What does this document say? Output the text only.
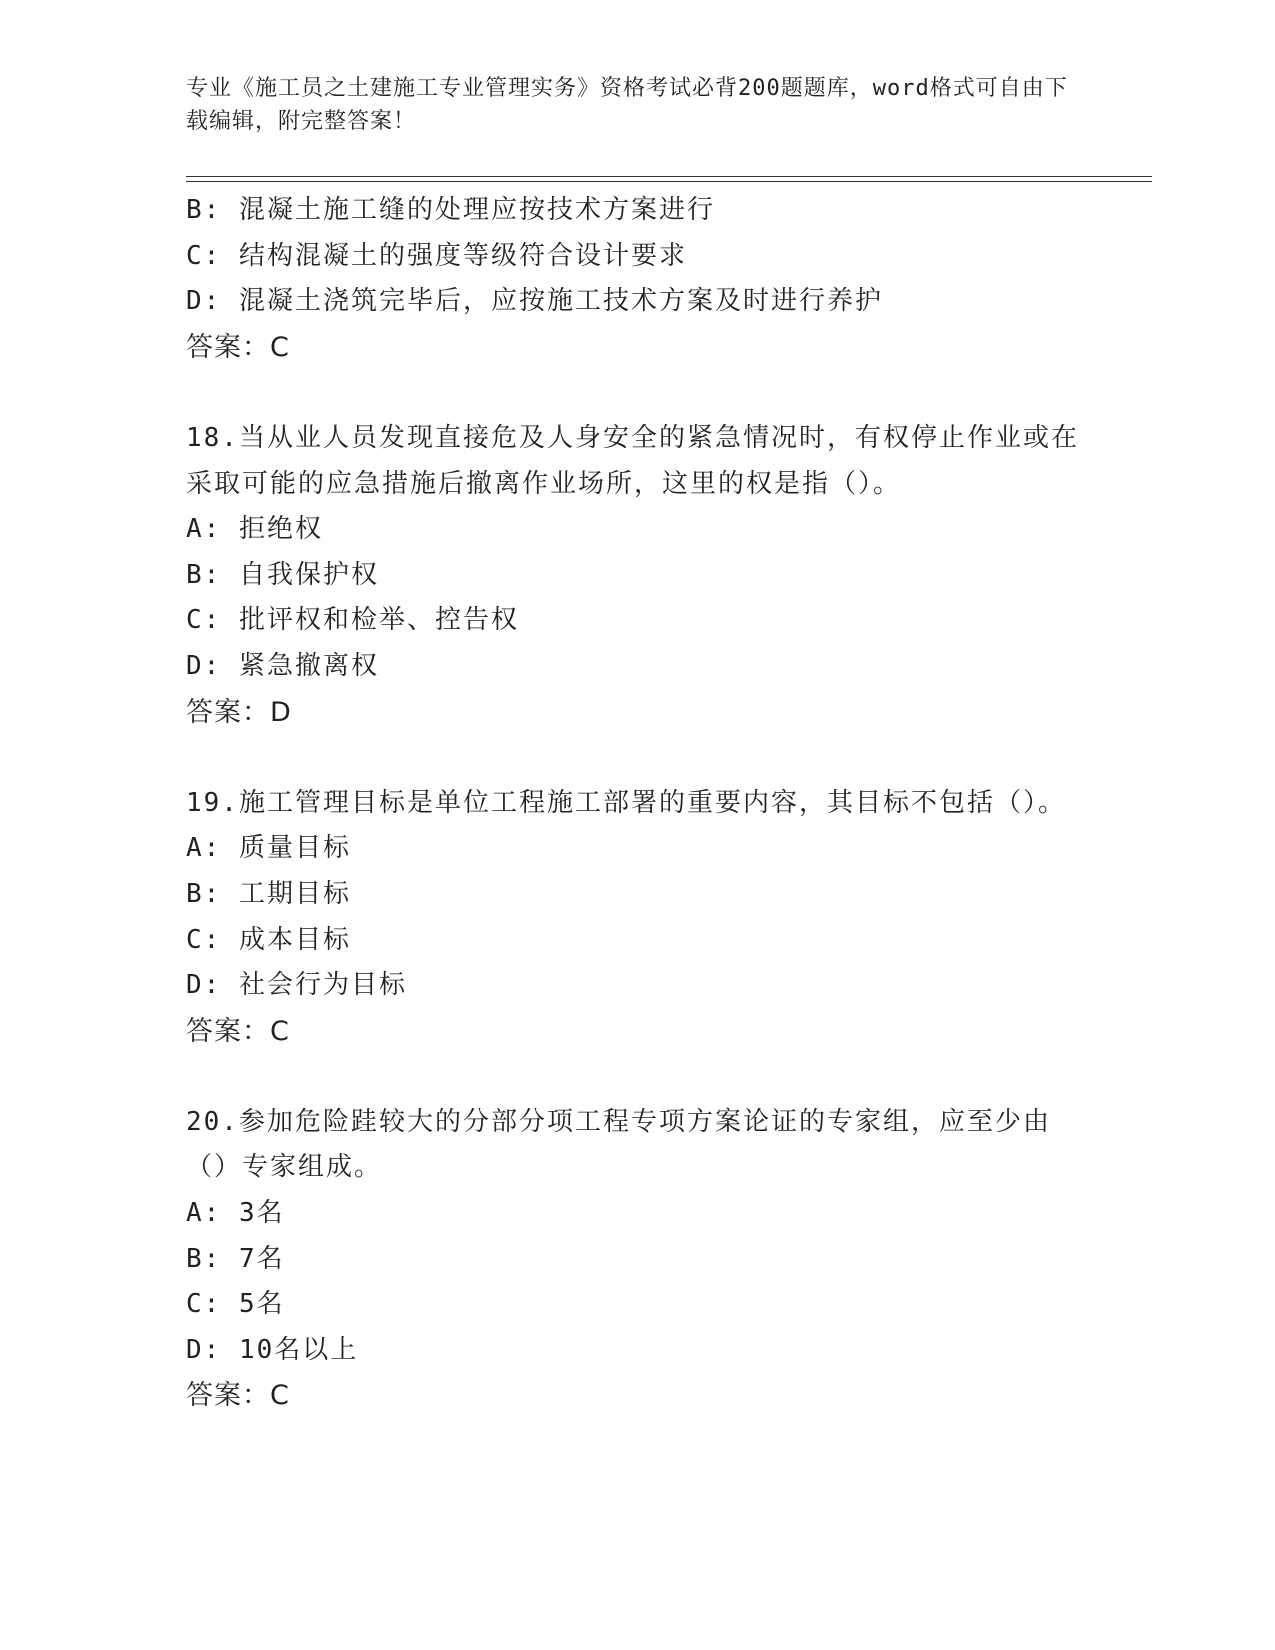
专业《施工员之土建施工专业管理实务》资格考试必背200题题库，word格式可自由下载编辑，附完整答案！
B: 混凝土施工缝的处理应按技术方案进行
C: 结构混凝土的强度等级符合设计要求
D: 混凝土浇筑完毕后，应按施工技术方案及时进行养护
答案：C
18.当从业人员发现直接危及人身安全的紧急情况时，有权停止作业或在采取可能的应急措施后撤离作业场所，这里的权是指（）。
A: 拒绝权
B: 自我保护权
C: 批评权和检举、控告权
D: 紧急撤离权
答案：D
19.施工管理目标是单位工程施工部署的重要内容，其目标不包括（）。
A: 质量目标
B: 工期目标
C: 成本目标
D: 社会行为目标
答案：C
20.参加危险跬较大的分部分项工程专项方案论证的专家组，应至少由（）专家组成。
A: 3名
B: 7名
C: 5名
D: 10名以上
答案：C
